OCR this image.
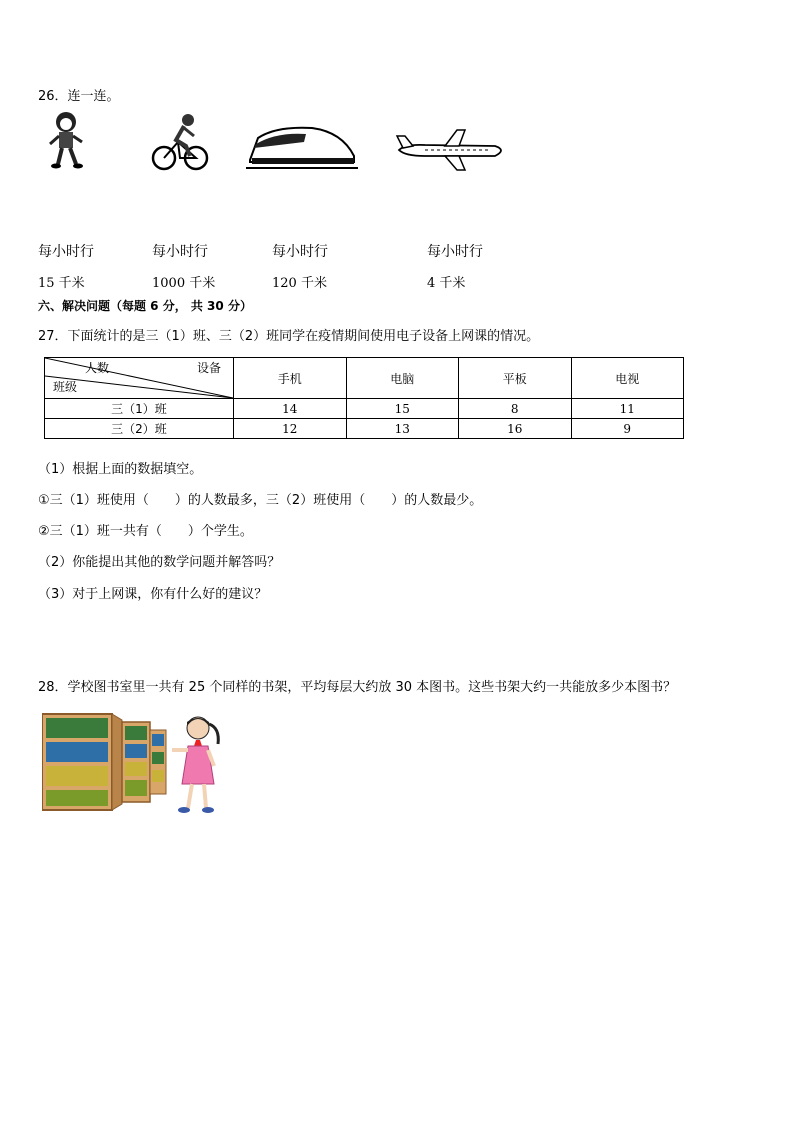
26．连一连。
每小时行
15 千米
每小时行
1000 千米
每小时行
120 千米
每小时行
4 千米
六、解决问题（每题 6 分， 共 30 分）
27．下面统计的是三（1）班、三（2）班同学在疫情期间使用电子设备上网课的情况。
人数 设备
班级	手机	电脑	平板	电视
三（1）班	14	15	8	11
三（2）班	12	13	16	9
（1）根据上面的数据填空。
①三（1）班使用（　　）的人数最多，三（2）班使用（　　）的人数最少。
②三（1）班一共有（　　）个学生。
（2）你能提出其他的数学问题并解答吗？
（3）对于上网课，你有什么好的建议？
28．学校图书室里一共有 25 个同样的书架，平均每层大约放 30 本图书。这些书架大约一共能放多少本图书？
